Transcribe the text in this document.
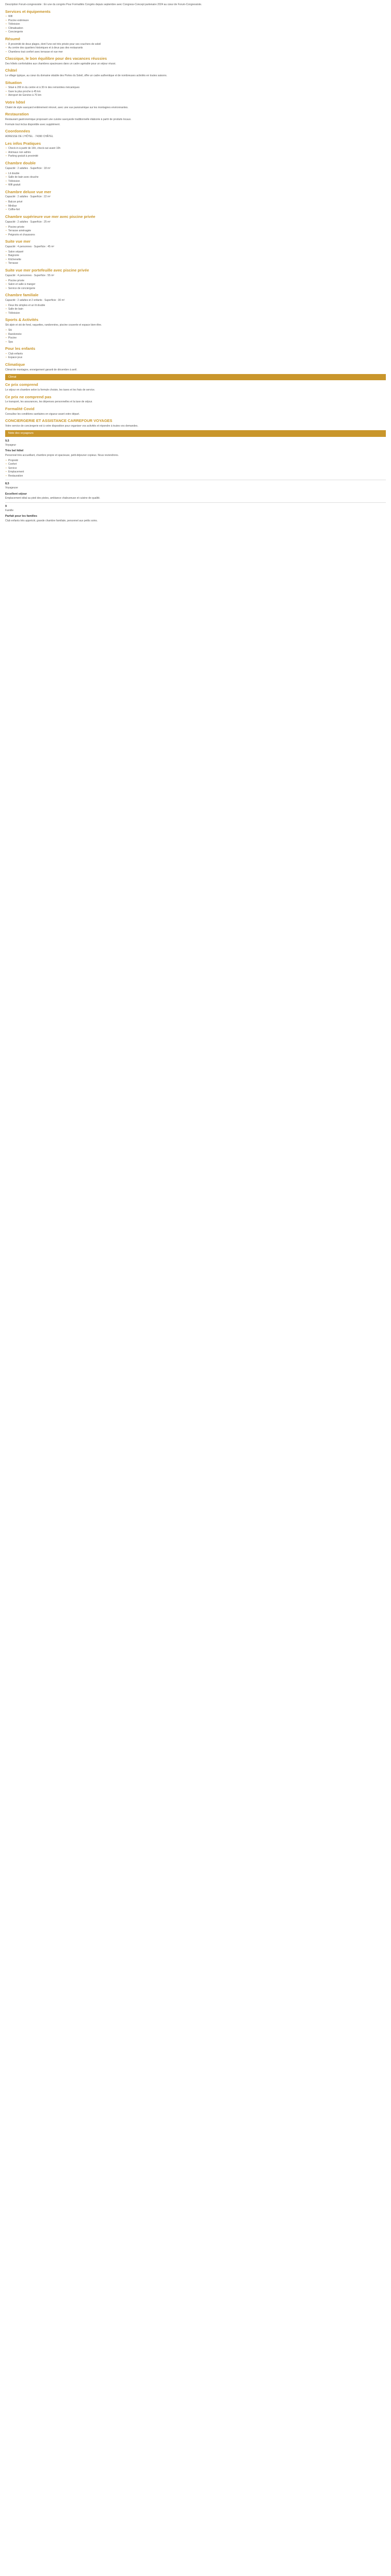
Description Forum-congressiste : En une du congrès Pour Formalités Congrès depuis septembre avec Congress-Concept partenaire 2024 au cœur de Forum-Congressiste.

Services et équipements
• Wifi
• Piscine extérieure
• Télévision
• Climatisation
• Conciergerie
Résumé
• À proximité de deux plages, dont l'une est très prisée pour ses couchers de soleil
• Au centre des quartiers historiques et à deux pas des restaurants
• Chambres tout confort avec terrasse et vue mer
Classique, le bon équilibre pour des vacances réussies

Des hôtels confortables aux chambres spacieuses dans un cadre agréable pour un séjour réussi.

Châtel

Le village typique, au cœur du domaine skiable des Portes du Soleil, offre un cadre authentique et de nombreuses activités en toutes saisons.

Situation
• Situé à 200 m du centre et à 30 m des remontées mécaniques
• Gare la plus proche à 45 km
• Aéroport de Genève à 70 km
Votre hôtel

Chalet de style savoyard entièrement rénové, avec une vue panoramique sur les montagnes environnantes.

Restauration

Restaurant gastronomique proposant une cuisine savoyarde traditionnelle élaborée à partir de produits locaux.

Formule tout inclus disponible avec supplément.

Coordonnées

ADRESSE DE L'HÔTEL · 74390 CHÂTEL

Les infos Pratiques
• Check-in à partir de 16h, check-out avant 10h
• Animaux non admis
• Parking gratuit à proximité
Chambre double

Capacité : 2 adultes · Superficie : 18 m²

• Lit double
• Salle de bain avec douche
• Télévision
• Wifi gratuit
Chambre deluxe vue mer

Capacité : 2 adultes · Superficie : 22 m²

• Balcon privé
• Minibar
• Coffre-fort
Chambre supérieure vue mer avec piscine privée

Capacité : 2 adultes · Superficie : 25 m²

• Piscine privée
• Terrasse aménagée
• Peignoirs et chaussons
Suite vue mer

Capacité : 4 personnes · Superficie : 45 m²

• Salon séparé
• Baignoire
• Kitchenette
• Terrasse
Suite vue mer portefeuille avec piscine privée

Capacité : 4 personnes · Superficie : 55 m²

• Piscine privée
• Salon et salle à manger
• Service de conciergerie
Chambre familiale

Capacité : 2 adultes et 2 enfants · Superficie : 30 m²

• Deux lits simples et un lit double
• Salle de bain
• Télévision
Sports & Activités

Ski alpin et ski de fond, raquettes, randonnées, piscine couverte et espace bien-être.

• Ski
• Randonnée
• Piscine
• Spa
Pour les enfants
• Club enfants
• Espace jeux
Climatique

Climat de montagne, enneigement garanti de décembre à avril.

Climat
Ce prix comprend

Le séjour en chambre selon la formule choisie, les taxes et les frais de service.

Ce prix ne comprend pas

Le transport, les assurances, les dépenses personnelles et la taxe de séjour.

Formalité Covid

Consultez les conditions sanitaires en vigueur avant votre départ.

CONCIERGERIE ET ASSISTANCE CARREFOUR VOYAGES

Votre service de conciergerie est à votre disposition pour organiser vos activités et répondre à toutes vos demandes.

Note des voyageurs
9,5

Voyageur

Très bel hôtel

Personnel très accueillant, chambre propre et spacieuse, petit-déjeuner copieux. Nous reviendrons.

• Propreté
• Confort
• Service
• Emplacement
• Restauration
8,5

Voyageuse

Excellent séjour

Emplacement idéal au pied des pistes, ambiance chaleureuse et cuisine de qualité.

9

Famille

Parfait pour les familles

Club enfants très apprécié, grande chambre familiale, personnel aux petits soins.
